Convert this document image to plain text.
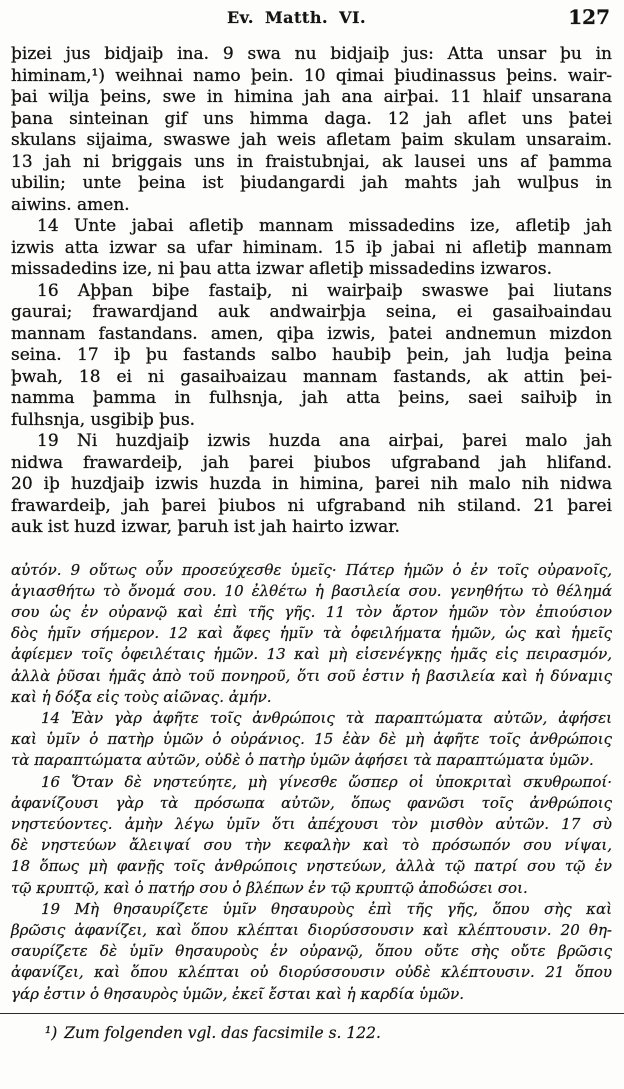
Ev. Matth. VI.	127
þizei jus bidjaiþ ina. 9 swa nu bidjaiþ jus: Atta unsar þu in
himinam,¹) weihnai namo þein. 10 qimai þiudinassus þeins. wair-
þai wilja þeins, swe in himina jah ana airþai. 11 hlaif unsarana
þana sinteinan gif uns himma daga. 12 jah aflet uns þatei
skulans sijaima, swaswe jah weis afletam þaim skulam unsaraim.
13 jah ni briggais uns in fraistubnjai, ak lausei uns af þamma
ubilin; unte þeina ist þiudangardi jah mahts jah wulþus in
aiwins. amen.
14 Unte jabai afletiþ mannam missadedins ize, afletiþ jah
izwis atta izwar sa ufar himinam. 15 iþ jabai ni afletiþ mannam
missadedins ize, ni þau atta izwar afletiþ missadedins izwaros.
16 Aþþan biþe fastaiþ, ni wairþaiþ swaswe þai liutans
gaurai; frawardjand auk andwairþja seina, ei gasaiƕaindau
mannam fastandans. amen, qiþa izwis, þatei andnemun mizdon
seina. 17 iþ þu fastands salbo haubiþ þein, jah ludja þeina
þwah, 18 ei ni gasaiƕaizau mannam fastands, ak attin þei-
namma þamma in fulhsnja, jah atta þeins, saei saiƕiþ in
fulhsnja, usgibiþ þus.
19 Ni huzdjaiþ izwis huzda ana airþai, þarei malo jah
nidwa frawardeiþ, jah þarei þiubos ufgraband jah hlifand.
20 iþ huzdjaiþ izwis huzda in himina, þarei nih malo nih nidwa
frawardeiþ, jah þarei þiubos ni ufgraband nih stiland. 21 þarei
auk ist huzd izwar, þaruh ist jah hairto izwar.
αὐτόν. 9 οὕτως οὖν προσεύχεσθε ὑμεῖς· Πάτερ ἡμῶν ὁ ἐν τοῖς οὐρανοῖς,
ἁγιασθήτω τὸ ὄνομά σου. 10 ἐλθέτω ἡ βασιλεία σου. γενηθήτω τὸ θέλημά
σου ὡς ἐν οὐρανῷ καὶ ἐπὶ τῆς γῆς. 11 τὸν ἄρτον ἡμῶν τὸν ἐπιούσιον
δὸς ἡμῖν σήμερον. 12 καὶ ἄφες ἡμῖν τὰ ὀφειλήματα ἡμῶν, ὡς καὶ ἡμεῖς
ἀφίεμεν τοῖς ὀφειλέταις ἡμῶν. 13 καὶ μὴ εἰσενέγκῃς ἡμᾶς εἰς πειρασμόν,
ἀλλὰ ῥῦσαι ἡμᾶς ἀπὸ τοῦ πονηροῦ, ὅτι σοῦ ἐστιν ἡ βασιλεία καὶ ἡ δύναμις
καὶ ἡ δόξα εἰς τοὺς αἰῶνας. ἀμήν.
14 Ἐὰν γὰρ ἀφῆτε τοῖς ἀνθρώποις τὰ παραπτώματα αὐτῶν, ἀφήσει
καὶ ὑμῖν ὁ πατὴρ ὑμῶν ὁ οὐράνιος. 15 ἐὰν δὲ μὴ ἀφῆτε τοῖς ἀνθρώποις
τὰ παραπτώματα αὐτῶν, οὐδὲ ὁ πατὴρ ὑμῶν ἀφήσει τὰ παραπτώματα ὑμῶν.
16 Ὅταν δὲ νηστεύητε, μὴ γίνεσθε ὥσπερ οἱ ὑποκριταὶ σκυθρωποί·
ἀφανίζουσι γὰρ τὰ πρόσωπα αὐτῶν, ὅπως φανῶσι τοῖς ἀνθρώποις
νηστεύοντες. ἀμὴν λέγω ὑμῖν ὅτι ἀπέχουσι τὸν μισθὸν αὐτῶν. 17 σὺ
δὲ νηστεύων ἄλειψαί σου τὴν κεφαλὴν καὶ τὸ πρόσωπόν σου νίψαι,
18 ὅπως μὴ φανῇς τοῖς ἀνθρώποις νηστεύων, ἀλλὰ τῷ πατρί σου τῷ ἐν
τῷ κρυπτῷ, καὶ ὁ πατήρ σου ὁ βλέπων ἐν τῷ κρυπτῷ ἀποδώσει σοι.
19 Μὴ θησαυρίζετε ὑμῖν θησαυροὺς ἐπὶ τῆς γῆς, ὅπου σὴς καὶ
βρῶσις ἀφανίζει, καὶ ὅπου κλέπται διορύσσουσιν καὶ κλέπτουσιν. 20 θη-
σαυρίζετε δὲ ὑμῖν θησαυροὺς ἐν οὐρανῷ, ὅπου οὔτε σὴς οὔτε βρῶσις
ἀφανίζει, καὶ ὅπου κλέπται οὐ διορύσσουσιν οὐδὲ κλέπτουσιν. 21 ὅπου
γάρ ἐστιν ὁ θησαυρὸς ὑμῶν, ἐκεῖ ἔσται καὶ ἡ καρδία ὑμῶν.
¹) Zum folgenden vgl. das facsimile s. 122.
